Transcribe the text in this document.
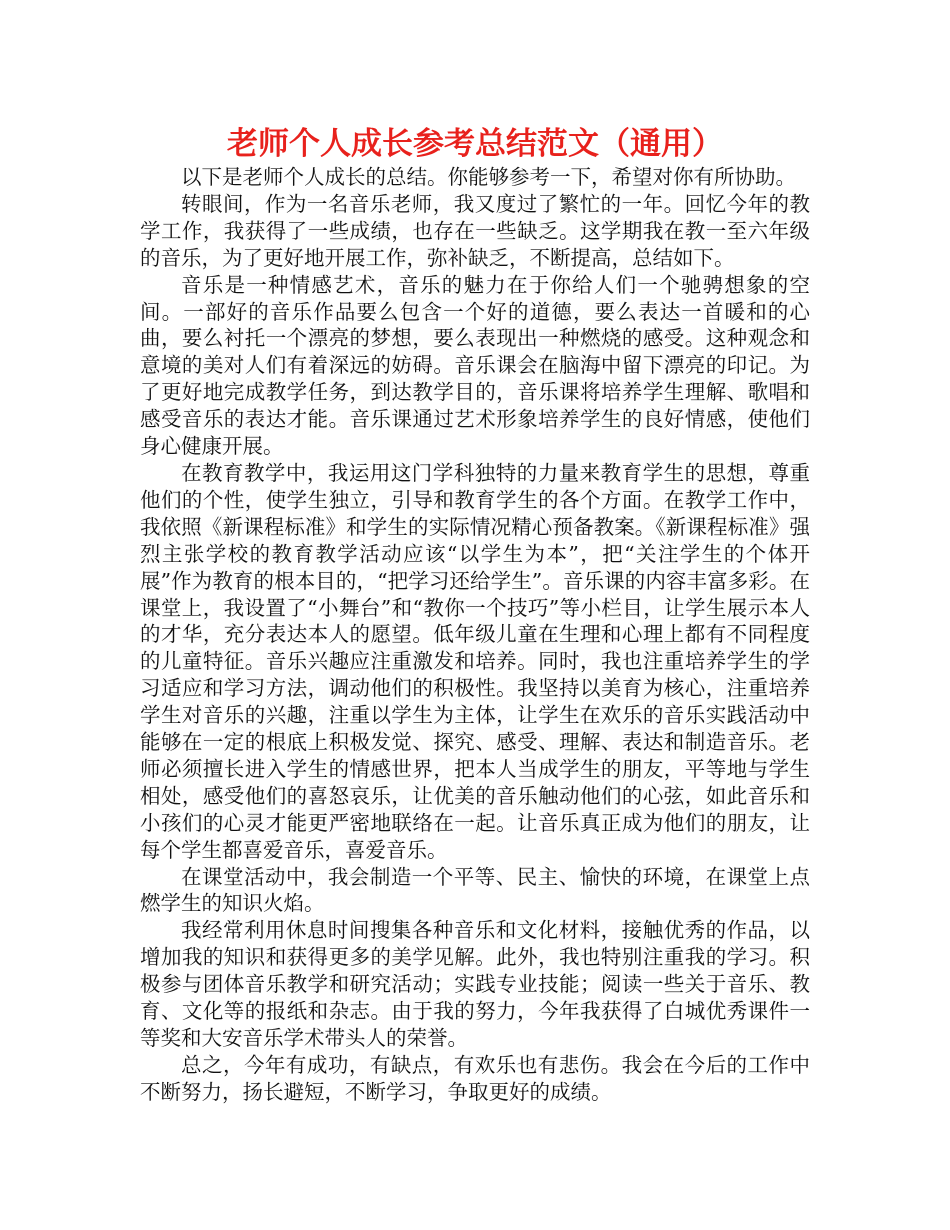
老师个人成长参考总结范文（通用）

以下是老师个人成长的总结。你能够参考一下，希望对你有所协助。

转眼间，作为一名音乐老师，我又度过了繁忙的一年。回忆今年的教学工作，我获得了一些成绩，也存在一些缺乏。这学期我在教一至六年级的音乐，为了更好地开展工作，弥补缺乏，不断提高，总结如下。

音乐是一种情感艺术，音乐的魅力在于你给人们一个驰骋想象的空间。一部好的音乐作品要么包含一个好的道德，要么表达一首暖和的心曲，要么衬托一个漂亮的梦想，要么表现出一种燃烧的感受。这种观念和意境的美对人们有着深远的妨碍。音乐课会在脑海中留下漂亮的印记。为了更好地完成教学任务，到达教学目的，音乐课将培养学生理解、歌唱和感受音乐的表达才能。音乐课通过艺术形象培养学生的良好情感，使他们身心健康开展。

在教育教学中，我运用这门学科独特的力量来教育学生的思想，尊重他们的个性，使学生独立，引导和教育学生的各个方面。在教学工作中，我依照《新课程标准》和学生的实际情况精心预备教案。《新课程标准》强烈主张学校的教育教学活动应该“以学生为本”，把“关注学生的个体开展”作为教育的根本目的，“把学习还给学生”。音乐课的内容丰富多彩。在课堂上，我设置了“小舞台”和“教你一个技巧”等小栏目，让学生展示本人的才华，充分表达本人的愿望。低年级儿童在生理和心理上都有不同程度的儿童特征。音乐兴趣应注重激发和培养。同时，我也注重培养学生的学习适应和学习方法，调动他们的积极性。我坚持以美育为核心，注重培养学生对音乐的兴趣，注重以学生为主体，让学生在欢乐的音乐实践活动中能够在一定的根底上积极发觉、探究、感受、理解、表达和制造音乐。老师必须擅长进入学生的情感世界，把本人当成学生的朋友，平等地与学生相处，感受他们的喜怒哀乐，让优美的音乐触动他们的心弦，如此音乐和小孩们的心灵才能更严密地联络在一起。让音乐真正成为他们的朋友，让每个学生都喜爱音乐，喜爱音乐。

在课堂活动中，我会制造一个平等、民主、愉快的环境，在课堂上点燃学生的知识火焰。

我经常利用休息时间搜集各种音乐和文化材料，接触优秀的作品，以增加我的知识和获得更多的美学见解。此外，我也特别注重我的学习。积极参与团体音乐教学和研究活动；实践专业技能；阅读一些关于音乐、教育、文化等的报纸和杂志。由于我的努力，今年我获得了白城优秀课件一等奖和大安音乐学术带头人的荣誉。

总之，今年有成功，有缺点，有欢乐也有悲伤。我会在今后的工作中不断努力，扬长避短，不断学习，争取更好的成绩。
